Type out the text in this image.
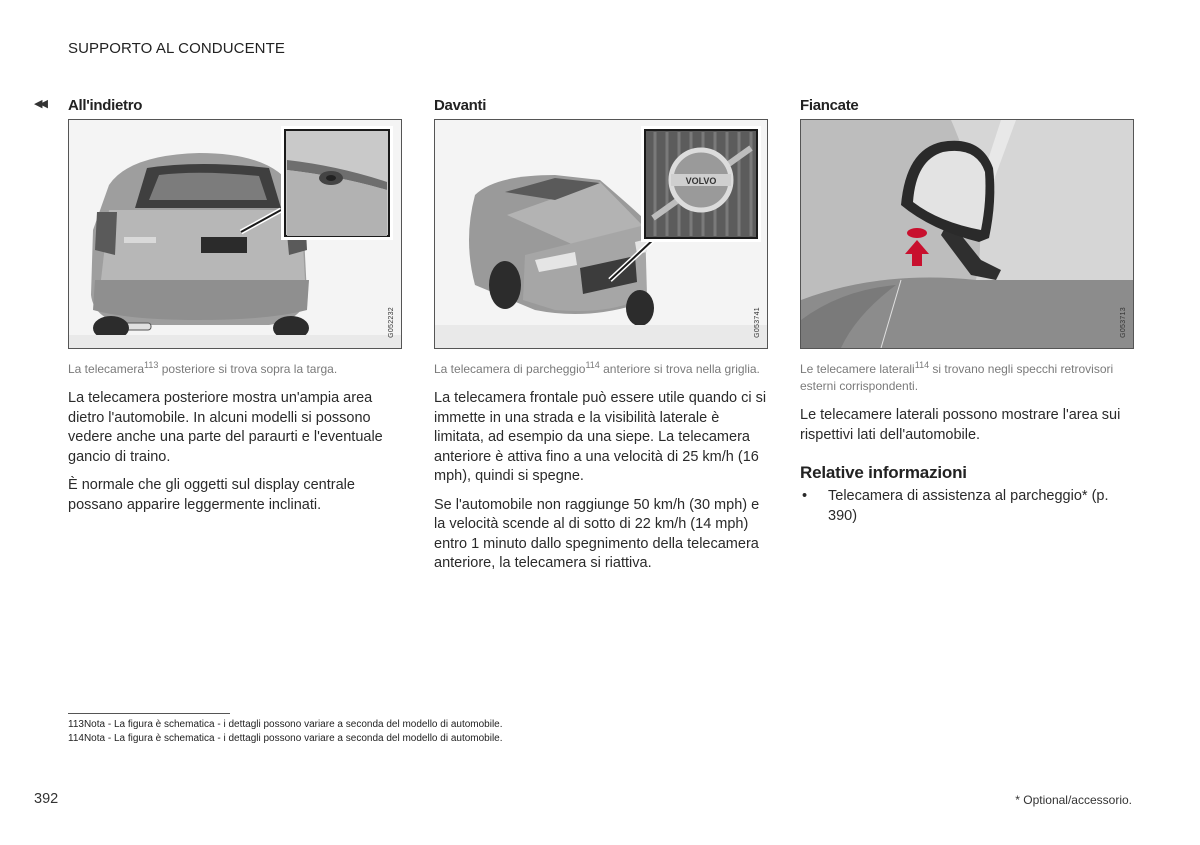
SUPPORTO AL CONDUCENTE
◀◀ All'indietro
G052232
La telecamera$^{113}$ posteriore si trova sopra la targa.
La telecamera posteriore mostra un'ampia area dietro l'automobile. In alcuni modelli si possono vedere anche una parte del paraurti e l'eventuale gancio di traino.
È normale che gli oggetti sul display centrale possano apparire leggermente inclinati.
Davanti
VOLVO
G053741
La telecamera di parcheggio$^{114}$ anteriore si trova nella griglia.
La telecamera frontale può essere utile quando ci si immette in una strada e la visibilità laterale è limitata, ad esempio da una siepe. La telecamera anteriore è attiva fino a una velocità di 25 km/h (16 mph), quindi si spegne.
Se l'automobile non raggiunge 50 km/h (30 mph) e la velocità scende al di sotto di 22 km/h (14 mph) entro 1 minuto dallo spegnimento della telecamera anteriore, la telecamera si riattiva.
Fiancate
G053713
Le telecamere laterali$^{114}$ si trovano negli specchi retrovisori esterni corrispondenti.
Le telecamere laterali possono mostrare l'area sui rispettivi lati dell'automobile.
Relative informazioni
•	Telecamera di assistenza al parcheggio* (p. 390)
113Nota - La figura è schematica - i dettagli possono variare a seconda del modello di automobile.
114Nota - La figura è schematica - i dettagli possono variare a seconda del modello di automobile.
392	* Optional/accessorio.
